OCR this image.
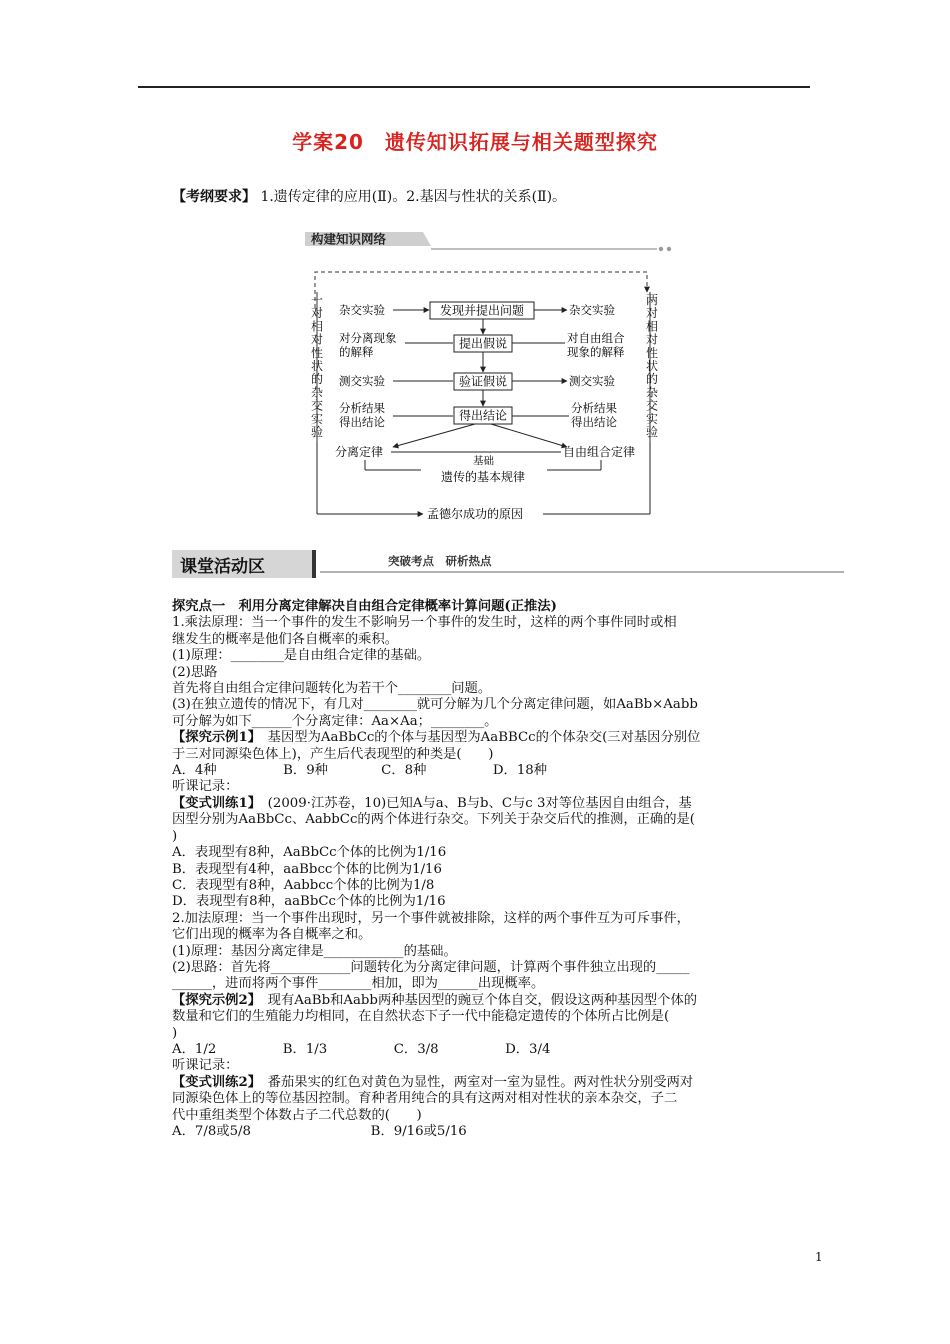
学案20　遗传知识拓展与相关题型探究
【考纲要求】 1.遗传定律的应用(Ⅱ)。2.基因与性状的关系(Ⅱ)。
构建知识网络
一对相对性状的杂交实验
两对相对性状的杂交实验
发现并提出问题
提出假说
验证假说
得出结论
杂交实验
对分离现象
的解释
测交实验
分析结果
得出结论
杂交实验
对自由组合
现象的解释
测交实验
分析结果
得出结论
分离定律	自由组合定律
基础
遗传的基本规律
孟德尔成功的原因
课堂活动区	突破考点　研析热点

探究点一　利用分离定律解决自由组合定律概率计算问题(正推法)

1.乘法原理：当一个事件的发生不影响另一个事件的发生时，这样的两个事件同时或相

继发生的概率是他们各自概率的乘积。

(1)原理：________是自由组合定律的基础。

(2)思路

首先将自由组合定律问题转化为若干个________问题。

(3)在独立遗传的情况下，有几对________就可分解为几个分离定律问题，如AaBb×Aabb

可分解为如下______个分离定律：Aa×Aa；________。

【探究示例1】　基因型为AaBbCc的个体与基因型为AaBBCc的个体杂交(三对基因分别位

于三对同源染色体上)，产生后代表现型的种类是(　　)

A．4种　　　　　B．9种　　　　C．8种　　　　　D．18种

听课记录：

【变式训练1】　(2009·江苏卷，10)已知A与a、B与b、C与c 3对等位基因自由组合，基

因型分别为AaBbCc、AabbCc的两个体进行杂交。下列关于杂交后代的推测，正确的是(

)

A．表现型有8种，AaBbCc个体的比例为1/16

B．表现型有4种，aaBbcc个体的比例为1/16

C．表现型有8种，Aabbcc个体的比例为1/8

D．表现型有8种，aaBbCc个体的比例为1/16

2.加法原理：当一个事件出现时，另一个事件就被排除，这样的两个事件互为可斥事件，

它们出现的概率为各自概率之和。

(1)原理：基因分离定律是____________的基础。

(2)思路：首先将____________问题转化为分离定律问题，计算两个事件独立出现的_____

______，进而将两个事件________相加，即为______出现概率。

【探究示例2】　现有AaBb和Aabb两种基因型的豌豆个体自交，假设这两种基因型个体的

数量和它们的生殖能力均相同，在自然状态下子一代中能稳定遗传的个体所占比例是(

)

A．1/2　　　　　B．1/3　　　　　C．3/8　　　　　D．3/4

听课记录：

【变式训练2】　番茄果实的红色对黄色为显性，两室对一室为显性。两对性状分别受两对

同源染色体上的等位基因控制。育种者用纯合的具有这两对相对性状的亲本杂交，子二

代中重组类型个体数占子二代总数的(　　)

A．7/8或5/8　　　　　　　　　B．9/16或5/16

1
